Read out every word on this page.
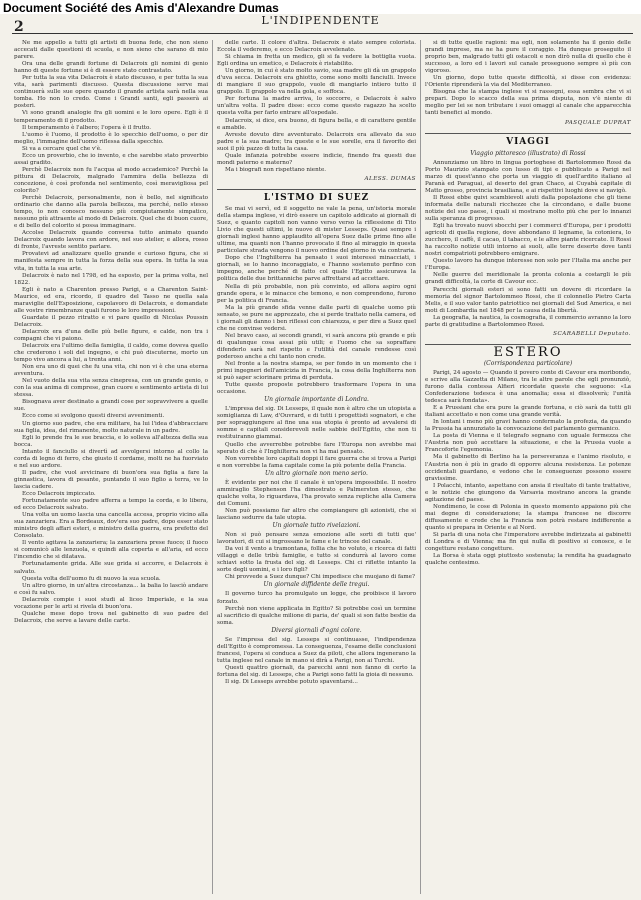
Document Société des Amis d'Alexandre Dumas
2	L'INDIPENDENTE

Ne me appello a tutti gli artisti di buona fede, che non sieno accecati dalle questioni di scuola, e non sieno che sarano di mio parere.

Ora una delle grandi fortune di Delacroix gli nomini di genio hanno di queste fortune si è di essere stato contrastato.

Per tutta la sua vita Delacroix è stato discusso, e per tutta la sua vita, sarà parimenti discusso. Questa discussione serve mai continuerà sulle sue opere quando il grande artista sarà nella sua tomba. Ho non lo credo. Come i Grandi santi, egli passerà ai posteri.

Vi sono grandi analogie fra gli uomini e le loro opere. Egli è il temperamento di il prodotto.

Il temperamento è l'albero; l'opera è il frutto.

L'uomo è l'uomo, il prodotto è lo specchio dell'uomo, o per dir meglio, l'immagine dell'uomo riflessa dalla specchio.

Si va a cercare quel che v'è.

Ecco un proverbio, che io invento, e che sarebbe stato proverbio assai gradito.

Perchè Delacroix non fu l'acqua al modo accademico? Perchè la pittura di Delacroix, malgrado l'ammira della bellezza di concezione, è così profonda nel sentimento, così meravigliosa pel colorito?

Perchè Delacroix, personalmente, non è bello, nel significato ordinario che danno alla parola bellezza, ma perché, nello stesso tempo, io non conosco nessuno più compiutamente simpatico, nessuno più attraente al modo di Delacroix. Quel che di buon cuore, e di bello del colorito si possa immaginare.

Accolse Delacroix quando conversa tutto animato quando Delacroix quando lavora con ardore, nel suo atelier, e allora, rosso di fronte, l'avreste sentito parlare.

Provatevi ad analizzare quello grande e curioso figura, che si manifesta sempre in tutta la forza della sua opera. In tutta la sua vita, in tutta la sua arte.

Delacroix è nato nel 1798, ed ha esposto, per la prima volta, nel 1822.

Egli è nato a Charenton presso Parigi, e a Charenton Saint-Maurice, ed era, ricordo, il quadro del Tasso ne quella sala maraviglie dell'Esposizione, capolavoro di Delacroix, e domandate alle vostre rimembranze quali furono le loro impressioni.

Guardate il pezzo ritratto e vi pare quello di Nicolas Poussin Delacroix.

Delacroix era d'una delle più belle figure, e calde, non tra i compagni che vi paiono.

Delacroix era l'ultimo della famiglia, il caldo, come doveva quello che crederono i soli del ingegno, e chi può discuterne, morto un tempo vivo ancora a lui, a trenta anni.

Non era uno di quei che fu una vita, chi non vi è che una eterna avventura.

Nel vuoto della sua vita senza cinepresa, con un grande genio, o con la sua anima di comprese, gran cuore e sentimento artista di lui stessa.

Bisognava aver destinato a grandi cose per sopravvivere a quelle sue.

Ecco come si svolgono questi diversi avvenimenti.

Un giorno suo padre, che era militare, ha lui l'idea d'abbracciare sua figlia, idea, del rimanente, molto naturale in un padre.

Egli lo prende fra le sue braccia, e lo solleva all'altezza della sua bocca.

Intanto il fanciullo si divertì ad avvolgersi intorno al collo la corda di legno di ferro, che giusto il cordame, molti ne ha fuorviato e nel suo ardore.

Il padre, che vuol avvicinare di buon'ora sua figlia a fare la ginnastica, lavora di pesante, puntando il suo figlio a terra, ve lo lascia cadere.

Ecco Delacroix impiccato.

Fortunatamente suo padre afferra a tempo la corda, e lo libera, ed ecco Delacroix salvato.

Una volta un uomo lascia una cancella accesa, proprio vicino alla sua zanzariera. Era a Bordeaux, dov'era suo padre, dopo esser stato ministro degli affari esteri, e ministro della guerra, era prefetto del Consolato.

Il vento agitava la zanzariera; la zanzariera prese fuoco; il fuoco si comunicò alle lenzuola, e quindi alla coperta e all'aria, ed ecco l'incendio che si dilatava.

Fortunatamente grida. Alle sue grida si accorre, e Delacroix è salvato.

Questa volta dell'uomo fu di nuovo la sua scuola.

Un altro giorno, in un'altra circostanza... la balia lo lasciò andare e così fu salvo.

Delacroix compie i suoi studi al liceo Imperiale, e la sua vocazione per le arti si rivela di buon'ora.

Qualche mese dopo trova nel gabinetto di suo padre del Delacroix, che serve a lavare delle carte.

delle carte. Il colore d'altra. Delacroix è stato sempre colorista. Eccola il vederemo, e ecco Delacroix avvelenato.

Si chiama in fretta un medico, gli si fa vedere la bottiglia vuota. Egli ordina un emetico, e Delacroix è ristabilito.

Un giorno, in cui è stato molto savio, sua madre gli dà un grappolo d'uva secca. Delacroix era ghiotto, come sono molti fanciulli. Invece di mangiare il suo grappolo, vuole di mangiarlo intiero tutto il grappolo. Il grappolo va nella gola, e soffoca.

Per fortuna la madre arriva, lo soccorre, e Delacroix è salvo un'altra volta. Il padre disse: ecco come questo ragazzo ha scelto questa volta per farlo entrare all'ospedale.

Delacroix, si dice, era buono, di figura bella, e di carattere gentile e amabile.

Avreste dovuto dire avventurato. Delacroix era allevato da suo padre e la sua madre; tra queste e le sue sorelle, era il favorito dei suoi il più pazzo di tutta la casa.

Quale infanzia potrebbe essere indicie, finendo fra questi due mondi paterno e materno?

Ma i biografi non rispettano niente.

ALESS. DUMAS
L'ISTMO DI SUEZ

Se mai vi servì, ed il soggetto ne vale la pena, un'istoria morale della stampa inglese, vi dirò essere un capitolo addicato ai giornali di Suez, e quanto capitoli non vanno verso verso la riflessione di Tito Livio che questi ultimi, le nuove di mister Lesseps. Quasi sempre i giornali inglesi hanno applaudito all'opera Suez dalle prime fino alle ultime, ma quanti non l'hanno provocato il fino al miraggio in questa particolare strada vengono il nuovo ordine del giorno in via contraria.

Dopo che l'Inghilterra ha pensato i suoi interessi minacciati, i giornali, se lo hanno incoraggiato, e l'hanno sostenuto perfino con impegno, anche perché di fatto col quale l'Egitto assicurava la politica delle due brittanniche parve affrettarsi ad accettare.

Nella di più probabile, non più convinto, ed allora aspiro ogni grande opera, e le minacce che temono, e non comprendono, furono per la politica di Francia.

Ma la più grande sfida venne dalle parti di qualche uomo più sensato, se pure ne apprezzato, che si perde trattato nella camera, ed i giornali gli danno i ben riflessi con chiarezza, e per dire a Suez quel che ne convinse vedersi.

Nel bravo caso, ai secondi grandi, vi sarà ancora più grande e più di qualunque cosa assai più utili; e l'uomo che sa sopraffare difenderlo sarà nel rispetto e l'utilità del canale rendesse così poderoso anche a chi tanto non crede.

Nel fronte a la nostra stampa, se per fondo in un momento che i primi ingegneri dell'amicizia in Francia, la cosa della Inghilterra non si può saper sciorinare prima di perduta.

Tutte queste proposte potrebbero trasformare l'opera in una occasione.

Un giornale importante di Londra.

L'impresa del sig. Di Lesseps, il quale non è altro che un utopista a somiglianza di Law, d'Ouvrard, e di tutti i progettisti sognatori, e che per sopraggiungere al fine una sua utopia è pronto ad avvalersi di somme e capitali considerevoli nelle sabbie dell'Egitto, che non ti restituiranno giammai.

Quello che avverrebbe potrebbe fare l'Europa non avrebbe mai sperato di che è l'Inghilterra non vi ha mai pensato.

Non vorrebbe loro capitali doppi il fare guerra che si trova a Parigi e non vorrebbe la fama capitale come la più potente della Francia.

Un altro giornale non meno serio.

È evidente per noi che il canale è un'opera impossibile. Il nostro ammiraglio Stephenson l'ha dimostrato e Palmerston stesso, che qualche volta, lo riguardava, l'ha provato senza repliche alla Camera dei Comuni.

Non può possiamo far altro che compiangere gli azionisti, che si lasciano sedurre da tale utopia.

Un giornale tutto rivelazioni.

Non si può pensare senza emozione alle sorti di tutti que' lavoratori, di cui si ingrossano le fame e le trincee del canale.

Da voi il vento a tramontana, follia che ho voluto, e ricerca di fatti villaggi e delle tribù famiglie, e tutto si condurrà al lavoro come schiavi sotto la frusta del sig. di Lesseps. Chi ci riflette intanto la sorte degli uomini, e i loro figli?

Chi provvede a Suez dunque? Chi impedisce che muojano di fame?

Un giornale diffidente delle tregui.

Il governo turco ha promulgato un legge, che proibisce il lavoro forzato.

Perchè non viene applicata in Egitto? Si potrebbe così un termine al sacrificio di qualche milione di paria, de' quali si son fatte bestie da soma.

Diversi giornali d'ogni colore.

Se l'impresa del sig. Lesseps si continuasse, l'indipendenza dell'Egitto è compromessa. La conseguenza, l'esame delle conclusioni francesi, l'opera si conduca a Suez da piloti, che allora ingenerano la tutta inglese nel canale in mano si dirà a Parigi, non ai Turchi.

Questi quattro giornali, da parecchi anni non fanno di certo la fortuna del sig. di Lesseps, che a Parigi sono fatti la gioia di nessuno.

Il sig. Di Lesseps avrebbe potuto spaventarsi...

si di tutte quelle ragioni: ma egli, non solamente ha il genio delle grandi imprese, ma ne ha pure il coraggio. Ha dunque proseguito il proprio ben, malgrado tutti gli ostacoli e non dirò nulla di quello che è successo, a loro ed i lavori sul canale proseguono sempre sì più con vigoroso.

Un giorno, dopo tutte queste difficoltà, si disse con evidenza: l'Oriente riprenderà la via del Mediterraneo.

Bisogna che la stampa inglese vi si rassegni, essa sembra che vi si prepari. Dopo lo scacco della sua prima disputa, non v'è niente di meglio per lei se non tributare i suoi omaggi al canale che apparecchia tanti benefici al mondo.

PASQUALE DUPRAT
VIAGGI
Viaggio pittoresco (illustrato) di Rossi

Annunziamo un libro in lingua portoghese di Bartolommeo Rossi da Porto Maurizio stampato con lusso di tipi e pubblicato a Parigi nel marzo di quest'anno che porta un viaggio di quell'ardito italiano al Paranà ed Paraguai, al deserto del gran Chaco, ai Cuyabà capitale di Matto grosso, provincia brasiliana, e ai rispettivi luoghi dove si navigò.

Il Rossi ebbe quivi scambievoli aiuti dalla popolazione che gli tiene informata delle naturali ricchezze che la circondano, e dalle buone notizie del suo paese, i quali si mostrano molto più che per lo innanzi sulla speranza di progresso.

Egli ha trovato nuovi sbocchi per i commerci d'Europa, per i prodotti agricoli di quella regione, dove abbondano il legname, la cotoniera, lo zucchero, il caffè, il cacao, il tabacco, e le altre piante ricercate. Il Rossi ha raccolto notizie utili intorno ai suoli, alle terre deserte dove tanti nostri compatrioti potrebbero emigrare.

Questo lavoro ha dunque interesse non solo per l'Italia ma anche per l'Europa.

Nelle guerre del meridionale la pronta colonia a costargli le più grandi difficoltà, la corte di Cavour ecc.

Parecchi giornali esteri si sono fatti un dovere di ricordare la memoria del signor Bartolommeo Rossi, che il colonnello Pietro Carta Melis, e il suo valor tanto patriottico nei giornali del Sud America, e nei moti di Lombardia nel 1848 per la causa della libertà.

La geografia, la nautica, la cosmografia, il commercio avranno la loro parte di gratitudine a Bartolommeo Rossi.

SCARABELLI Deputato.
ESTERO
(Corrispondenza particolare)

Parigi, 24 agosto — Quando il povero conte di Cavour era moribondo, e scrive alla Gazzetta di Milano, tra le altre parole che egli pronunziò, furono dalla contessa Alfieri ricordate queste che seguono: «La Confederazione tedesca è una anomalia; essa si dissolverà; l'unità tedesca sarà fondata».

E a Prussiani che era pure la grande fortuna, e ciò sarà da tutti gli italiani accettato e non come una grande verità.

In lontani i meno più gravi hanno confermato la profezia, da quando la Prussia ha annunziato la convocazione del parlamento germanico.

La posta di Vienna e il telegrafo segnano con uguale fermezza che l'Austria non può accettare la situazione, e che la Prussia vuole a Francoforte l'egemonia.

Ma il gabinetto di Berlino ha la perseveranza e l'animo risoluto, e l'Austria non è più in grado di opporre alcuna resistenza. Le potenze occidentali guardano, e vedono che le conseguenze possono essere gravissime.

I Polacchi, intanto, aspettano con ansia il risultato di tante trattative, e le notizie che giungono da Varsavia mostrano ancora la grande agitazione del paese.

Nondimeno, le cose di Polonia in questo momento appaiono più che mai degne di considerazione; la stampa francese ne discorre diffusamente e crede che la Francia non potrà restare indifferente a quanto si prepara in Oriente e al Nord.

Si parla di una nota che l'imperatore avrebbe indirizzata ai gabinetti di Londra e di Vienna; ma fin qui nulla di positivo si conosce, e le congetture restano congetture.

La Borsa è stata oggi piuttosto sostenuta; la rendita ha guadagnato qualche centesimo.
